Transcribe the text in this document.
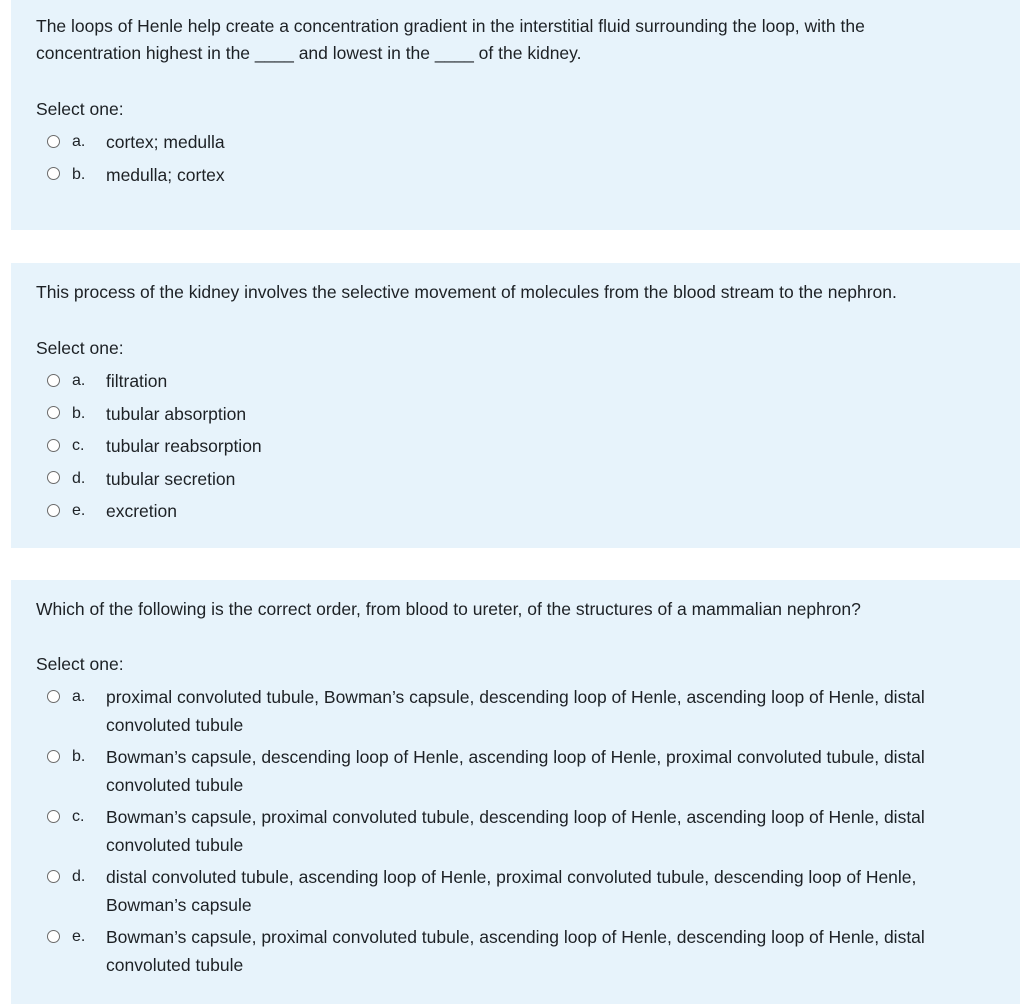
The loops of Henle help create a concentration gradient in the interstitial fluid surrounding the loop, with the concentration highest in the ____ and lowest in the ____ of the kidney.

Select one:

a.	cortex; medulla
b.	medulla; cortex

This process of the kidney involves the selective movement of molecules from the blood stream to the nephron.

Select one:

a.	filtration
b.	tubular absorption
c.	tubular reabsorption
d.	tubular secretion
e.	excretion

Which of the following is the correct order, from blood to ureter, of the structures of a mammalian nephron?

Select one:

a.	proximal convoluted tubule, Bowman’s capsule, descending loop of Henle, ascending loop of Henle, distal convoluted tubule
b.	Bowman’s capsule, descending loop of Henle, ascending loop of Henle, proximal convoluted tubule, distal convoluted tubule
c.	Bowman’s capsule, proximal convoluted tubule, descending loop of Henle, ascending loop of Henle, distal convoluted tubule
d.	distal convoluted tubule, ascending loop of Henle, proximal convoluted tubule, descending loop of Henle, Bowman’s capsule
e.	Bowman’s capsule, proximal convoluted tubule, ascending loop of Henle, descending loop of Henle, distal convoluted tubule
